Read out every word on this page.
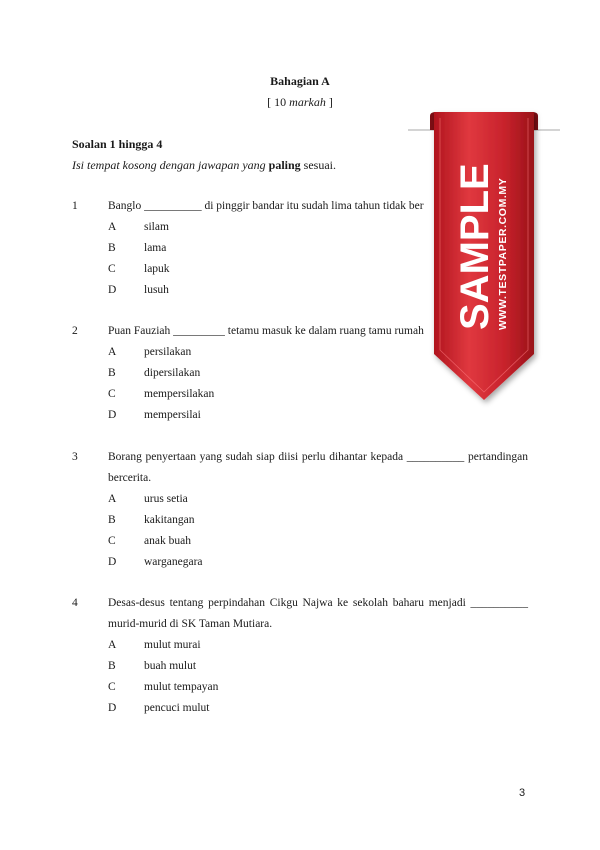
Bahagian A
[ 10 markah ]
Soalan 1 hingga 4
Isi tempat kosong dengan jawapan yang paling sesuai.
1	Banglo __________ di pinggir bandar itu sudah lima tahun tidak ber
A silam
B lama
C lapuk
D lusuh
2	Puan Fauziah _________ tetamu masuk ke dalam ruang tamu rumah
A persilakan
B dipersilakan
C mempersilakan
D mempersilai
3	Borang penyertaan yang sudah siap diisi perlu dihantar kepada __________ pertandingan bercerita.
A urus setia
B kakitangan
C anak buah
D warganegara
4	Desas-desus tentang perpindahan Cikgu Najwa ke sekolah baharu menjadi __________ murid-murid di SK Taman Mutiara.
A mulut murai
B buah mulut
C mulut tempayan
D pencuci mulut
3
SAMPLE WWW.TESTPAPER.COM.MY
